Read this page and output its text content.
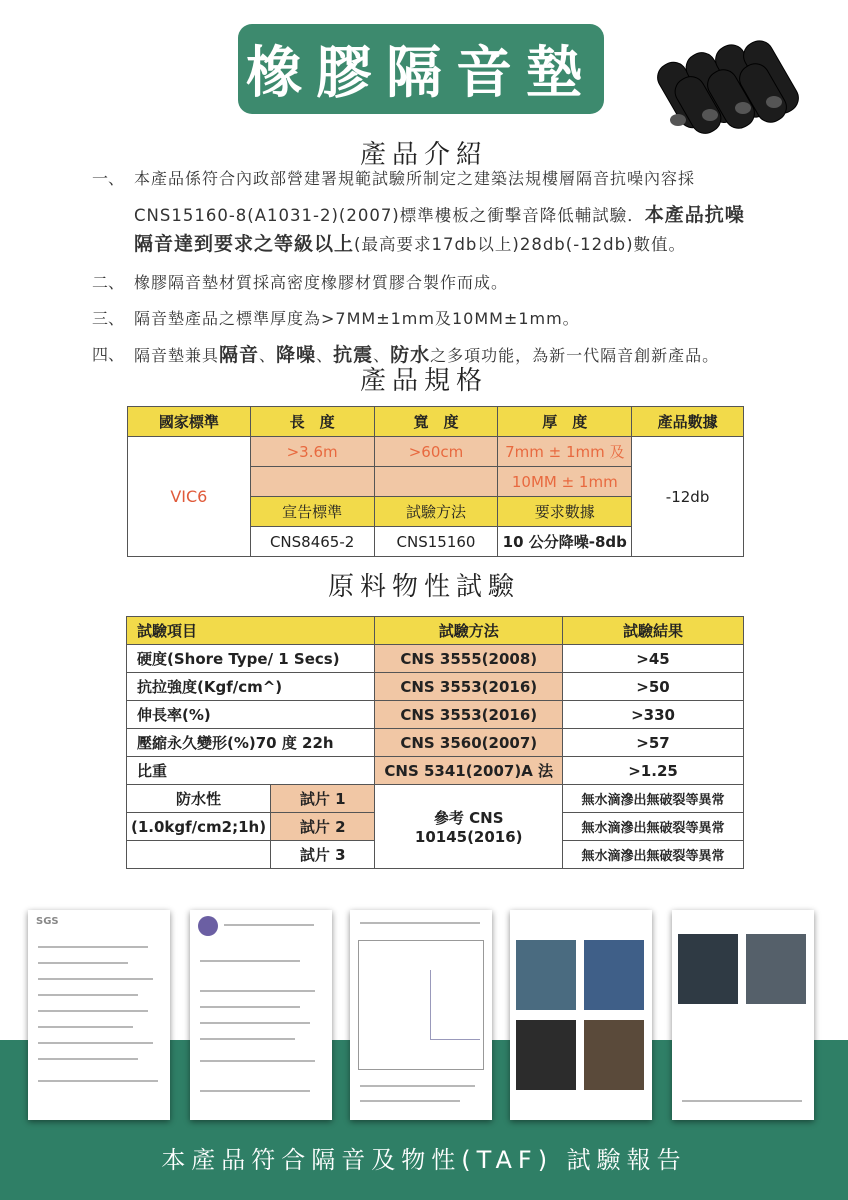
橡膠隔音墊
產品介紹
一、 本產品係符合內政部營建署規範試驗所制定之建築法規樓層隔音抗噪內容採
CNS15160-8(A1031-2)(2007)標準樓板之衝擊音降低輔試驗．本產品抗噪
隔音達到要求之等級以上(最高要求17db以上)28db(-12db)數值。
二、 橡膠隔音墊材質採高密度橡膠材質膠合製作而成。
三、 隔音墊產品之標準厚度為>7MM±1mm及10MM±1mm。
四、 隔音墊兼具隔音、降噪、抗震、防水之多項功能，為新一代隔音創新產品。
產品規格
國家標準	長　度	寬　度	厚　度	產品數據
VIC6	>3.6m	>60cm	7mm ± 1mm 及	-12db
			10MM ± 1mm	
	宣告標準	試驗方法	要求數據	
	CNS8465-2	CNS15160	10 公分降噪-8db	
原料物性試驗
試驗項目		試驗方法	試驗結果
硬度(Shore Type/ 1 Secs)		CNS 3555(2008)	>45
抗拉強度(Kgf/cm^)		CNS 3553(2016)	>50
伸長率(%)		CNS 3553(2016)	>330
壓縮永久變形(%)70 度 22h		CNS 3560(2007)	>57
比重		CNS 5341(2007)A 法	>1.25
防水性	試片 1	參考 CNS 10145(2016)	無水滴滲出無破裂等異常
(1.0kgf/cm2;1h)	試片 2		無水滴滲出無破裂等異常
	試片 3		無水滴滲出無破裂等異常
SGS
本產品符合隔音及物性(TAF) 試驗報告
